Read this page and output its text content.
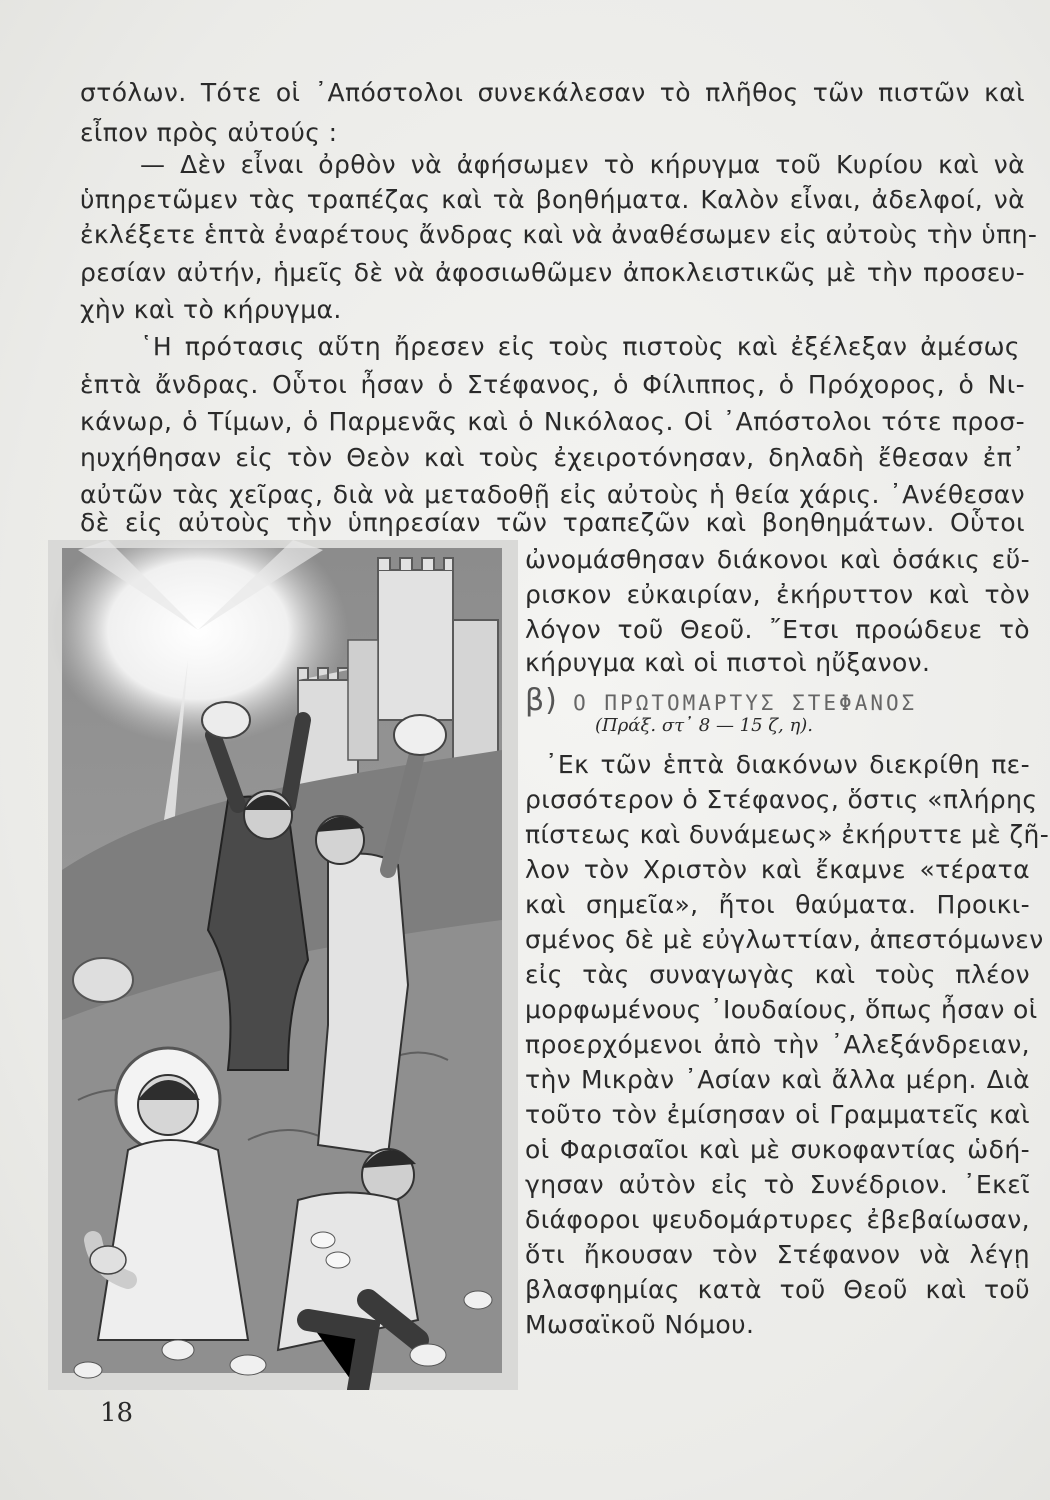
στόλων. Τότε οἱ ᾿Απόστολοι συνεκάλεσαν τὸ πλῆθος τῶν πιστῶν καὶ
εἶπον πρὸς αὐτούς :
— Δὲν εἶναι ὀρθὸν νὰ ἀφήσωμεν τὸ κήρυγμα τοῦ Κυρίου καὶ νὰ
ὑπηρετῶμεν τὰς τραπέζας καὶ τὰ βοηθήματα. Καλὸν εἶναι, ἀδελφοί, νὰ
ἐκλέξετε ἑπτὰ ἐναρέτους ἄνδρας καὶ νὰ ἀναθέσωμεν εἰς αὐτοὺς τὴν ὑπη-
ρεσίαν αὐτήν, ἡμεῖς δὲ νὰ ἀφοσιωθῶμεν ἀποκλειστικῶς μὲ τὴν προσευ-
χὴν καὶ τὸ κήρυγμα.
῾Η πρότασις αὕτη ἤρεσεν εἰς τοὺς πιστοὺς καὶ ἐξέλεξαν ἀμέσως
ἑπτὰ ἄνδρας. Οὗτοι ἦσαν ὁ Στέφανος, ὁ Φίλιππος, ὁ Πρόχορος, ὁ Νι-
κάνωρ, ὁ Τίμων, ὁ Παρμενᾶς καὶ ὁ Νικόλαος. Οἱ ᾿Απόστολοι τότε προσ-
ηυχήθησαν εἰς τὸν Θεὸν καὶ τοὺς ἐχειροτόνησαν, δηλαδὴ ἔθεσαν ἐπ᾿
αὐτῶν τὰς χεῖρας, διὰ νὰ μεταδοθῇ εἰς αὐτοὺς ἡ θεία χάρις. ᾿Ανέθεσαν
δὲ εἰς αὐτοὺς τὴν ὑπηρεσίαν τῶν τραπεζῶν καὶ βοηθημάτων. Οὗτοι
ὠνομάσθησαν διάκονοι καὶ ὁσάκις εὕ-
ρισκον εὐκαιρίαν, ἐκήρυττον καὶ τὸν
λόγον τοῦ Θεοῦ. ῎Ετσι προώδευε τὸ
κήρυγμα καὶ οἱ πιστοὶ ηὔξανον.
β) Ο ΠΡΩΤΟΜΑΡΤΥΣ ΣΤΕΦΑΝΟΣ
(Πράξ. στ᾿ 8 — 15 ζ, η).
᾿Εκ τῶν ἑπτὰ διακόνων διεκρίθη πε-
ρισσότερον ὁ Στέφανος, ὅστις «πλήρης
πίστεως καὶ δυνάμεως» ἐκήρυττε μὲ ζῆ-
λον τὸν Χριστὸν καὶ ἔκαμνε «τέρατα
καὶ σημεῖα», ἤτοι θαύματα. Προικι-
σμένος δὲ μὲ εὐγλωττίαν, ἀπεστόμωνεν
εἰς τὰς συναγωγὰς καὶ τοὺς πλέον
μορφωμένους ᾿Ιουδαίους, ὅπως ἦσαν οἱ
προερχόμενοι ἀπὸ τὴν ᾿Αλεξάνδρειαν,
τὴν Μικρὰν ᾿Ασίαν καὶ ἄλλα μέρη. Διὰ
τοῦτο τὸν ἐμίσησαν οἱ Γραμματεῖς καὶ
οἱ Φαρισαῖοι καὶ μὲ συκοφαντίας ὡδή-
γησαν αὐτὸν εἰς τὸ Συνέδριον. ᾿Εκεῖ
διάφοροι ψευδομάρτυρες ἐβεβαίωσαν,
ὅτι ἤκουσαν τὸν Στέφανον νὰ λέγῃ
βλασφημίας κατὰ τοῦ Θεοῦ καὶ τοῦ
Μωσαϊκοῦ Νόμου.
18
